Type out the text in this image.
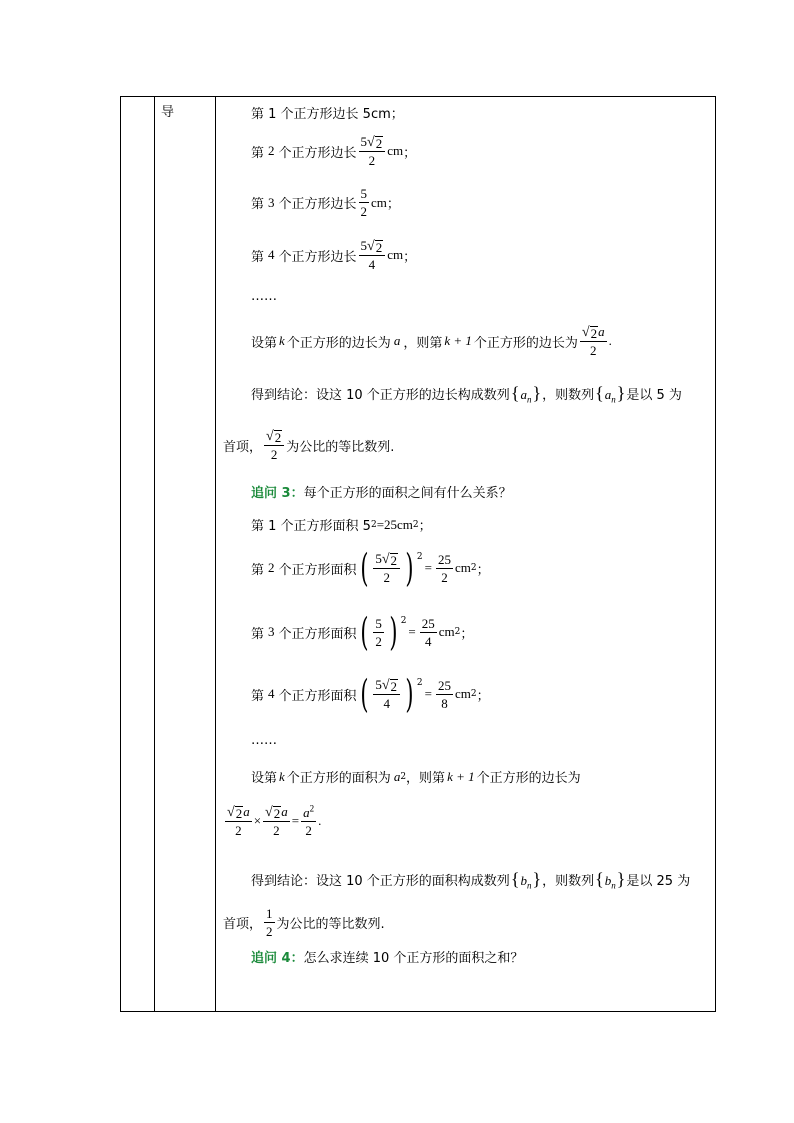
导	第 1 个正方形边长 5cm；
第 2 个正方形边长 $\frac{5 √ 2}{2}$ cm ；
第 3 个正方形边长 $\frac{5}{2}$ cm ；
第 4 个正方形边长 $\frac{5 √ 2}{4}$ cm ；
……
设第 k 个正方形的边长为 a ，则第 k + 1 个正方形的边长为 $\frac{√ 2 a}{2}$ .
得到结论：设这 10 个正方形的边长构成数列 $\{a_n\}$ ，则数列 $\{a_n\}$ 是以 5 为
首项， $\frac{√ 2}{2}$ 为公比的等比数列.
追问 3： 每个正方形的面积之间有什么关系？
第 1 个正方形面积 5 2 =25cm 2 ；
第 2 个正方形面积 ( $\frac{5 √ 2}{2}$ ) 2
= $\frac{25}{2}$ cm 2 ；
第 3 个正方形面积 ( $\frac{5}{2}$ ) 2
= $\frac{25}{4}$ cm 2 ；
第 4 个正方形面积 ( $\frac{5 √ 2}{4}$ ) 2
= $\frac{25}{8}$ cm 2 ；
……
设第 k 个正方形的面积为 a 2 ，则第 k + 1 个正方形的边长为
$\frac{√ 2 a}{2} \times \frac{√ 2 a}{2} = \frac{a^2}{2}$ .
得到结论：设这 10 个正方形的面积构成数列 $\{b_n\}$ ，则数列 $\{b_n\}$ 是以 25 为
首项， $\frac{1}{2}$ 为公比的等比数列.
追问 4： 怎么求连续 10 个正方形的面积之和？
